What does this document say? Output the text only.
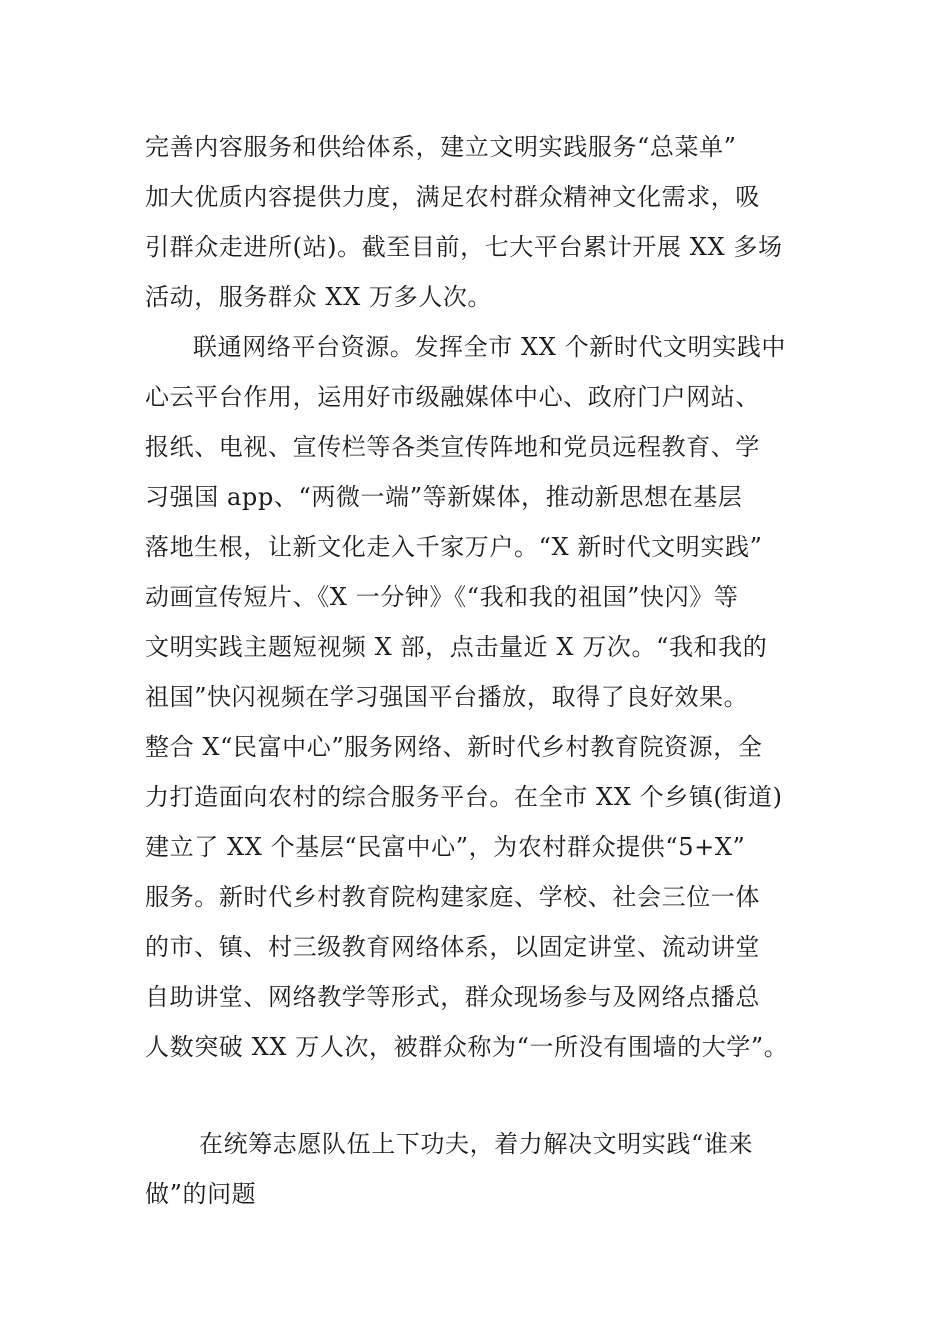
完善内容服务和供给体系，建立文明实践服务“总菜单”
加大优质内容提供力度，满足农村群众精神文化需求，吸
引群众走进所(站)。截至目前，七大平台累计开展 XX 多场
活动，服务群众 XX 万多人次。
联通网络平台资源。发挥全市 XX 个新时代文明实践中
心云平台作用，运用好市级融媒体中心、政府门户网站、
报纸、电视、宣传栏等各类宣传阵地和党员远程教育、学
习强国 app、“两微一端”等新媒体，推动新思想在基层
落地生根，让新文化走入千家万户。“X 新时代文明实践”
动画宣传短片、《X 一分钟》《“我和我的祖国”快闪》等
文明实践主题短视频 X 部，点击量近 X 万次。“我和我的
祖国”快闪视频在学习强国平台播放，取得了良好效果。
整合 X“民富中心”服务网络、新时代乡村教育院资源，全
力打造面向农村的综合服务平台。在全市 XX 个乡镇(街道)
建立了 XX 个基层“民富中心”，为农村群众提供“5+X”
服务。新时代乡村教育院构建家庭、学校、社会三位一体
的市、镇、村三级教育网络体系，以固定讲堂、流动讲堂
自助讲堂、网络教学等形式，群众现场参与及网络点播总
人数突破 XX 万人次，被群众称为“一所没有围墙的大学”。
在统筹志愿队伍上下功夫，着力解决文明实践“谁来
做”的问题
